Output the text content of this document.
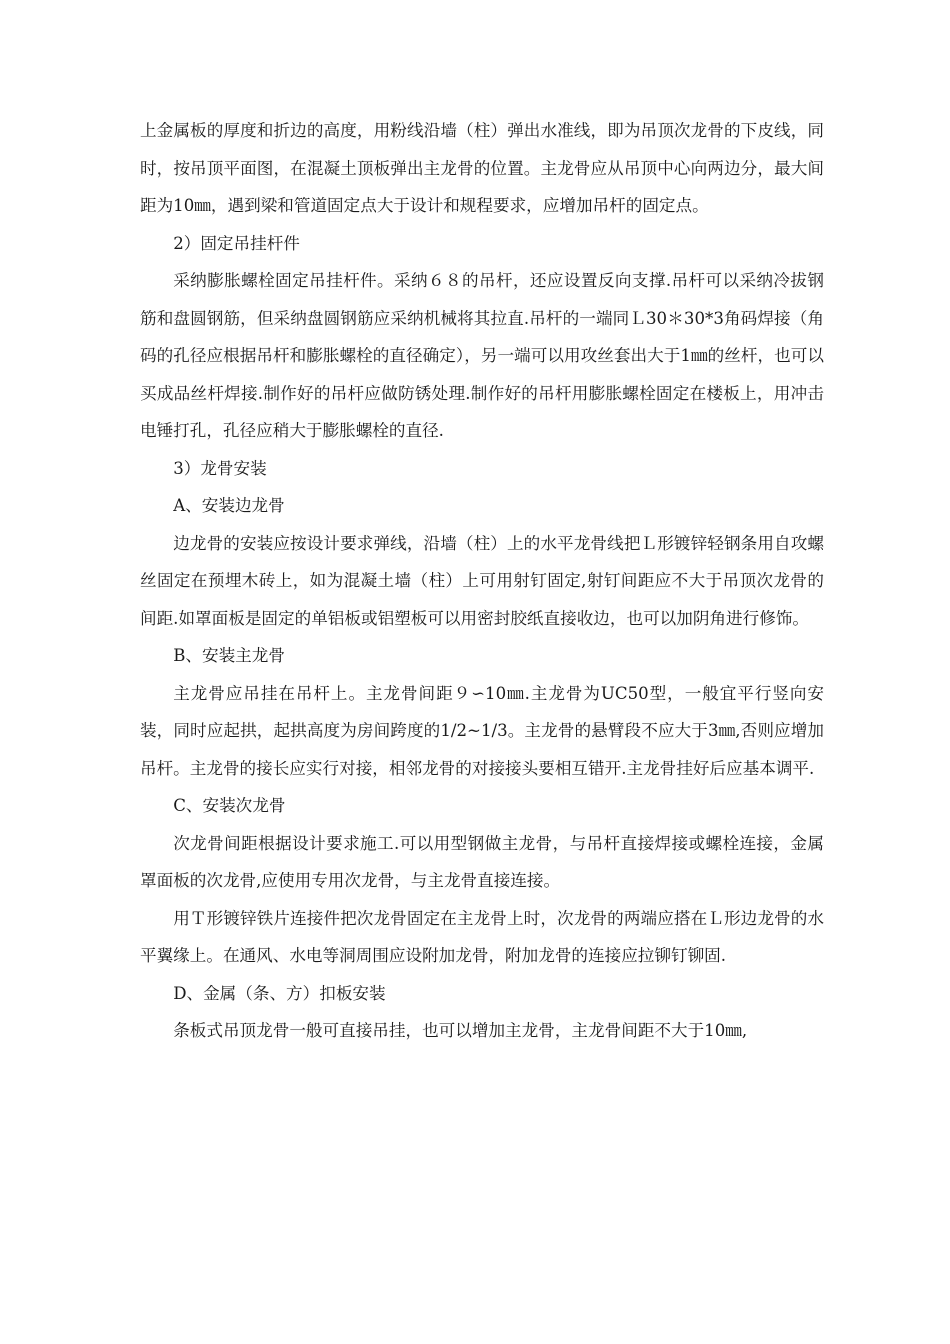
上金属板的厚度和折边的高度，用粉线沿墙（柱）弹出水准线，即为吊顶次龙骨的下皮线，同时，按吊顶平面图，在混凝土顶板弹出主龙骨的位置。主龙骨应从吊顶中心向两边分，最大间距为10㎜，遇到梁和管道固定点大于设计和规程要求，应增加吊杆的固定点。

2）固定吊挂杆件

采纳膨胀螺栓固定吊挂杆件。采纳６８的吊杆，还应设置反向支撑.吊杆可以采纳冷拔钢筋和盘圆钢筋，但采纳盘圆钢筋应采纳机械将其拉直.吊杆的一端同Ｌ30＊30*3角码焊接（角码的孔径应根据吊杆和膨胀螺栓的直径确定），另一端可以用攻丝套出大于1㎜的丝杆，也可以买成品丝杆焊接.制作好的吊杆应做防锈处理.制作好的吊杆用膨胀螺栓固定在楼板上，用冲击电锤打孔，孔径应稍大于膨胀螺栓的直径.

3）龙骨安装

A、安装边龙骨

边龙骨的安装应按设计要求弹线，沿墙（柱）上的水平龙骨线把Ｌ形镀锌轻钢条用自攻螺丝固定在预埋木砖上，如为混凝土墙（柱）上可用射钉固定,射钉间距应不大于吊顶次龙骨的间距.如罩面板是固定的单铝板或铝塑板可以用密封胶纸直接收边，也可以加阴角进行修饰。

B、安装主龙骨

主龙骨应吊挂在吊杆上。主龙骨间距９∽10㎜.主龙骨为UC50型，一般宜平行竖向安装，同时应起拱，起拱高度为房间跨度的1/2~1/3。主龙骨的悬臂段不应大于3㎜,否则应增加吊杆。主龙骨的接长应实行对接，相邻龙骨的对接接头要相互错开.主龙骨挂好后应基本调平.

C、安装次龙骨

次龙骨间距根据设计要求施工.可以用型钢做主龙骨，与吊杆直接焊接或螺栓连接，金属罩面板的次龙骨,应使用专用次龙骨，与主龙骨直接连接。

用Ｔ形镀锌铁片连接件把次龙骨固定在主龙骨上时，次龙骨的两端应搭在Ｌ形边龙骨的水平翼缘上。在通风、水电等洞周围应设附加龙骨，附加龙骨的连接应拉铆钉铆固.

D、金属（条、方）扣板安装

条板式吊顶龙骨一般可直接吊挂，也可以增加主龙骨，主龙骨间距不大于10㎜,
